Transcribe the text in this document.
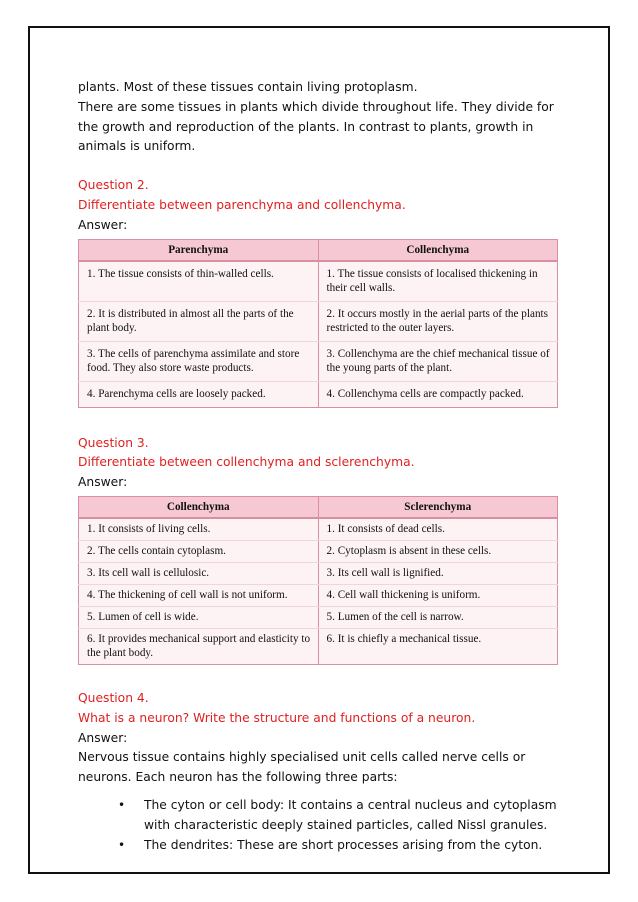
plants. Most of these tissues contain living protoplasm.

There are some tissues in plants which divide throughout life. They divide for

the growth and reproduction of the plants. In contrast to plants, growth in

animals is uniform.

Question 2.

Differentiate between parenchyma and collenchyma.

Answer:

Parenchyma	Collenchyma
1. The tissue consists of thin-walled cells.	1. The tissue consists of localised thickening in their cell walls.
2. It is distributed in almost all the parts of the plant body.	2. It occurs mostly in the aerial parts of the plants restricted to the outer layers.
3. The cells of parenchyma assimilate and store food. They also store waste products.	3. Collenchyma are the chief mechanical tissue of the young parts of the plant.
4. Parenchyma cells are loosely packed.	4. Collenchyma cells are compactly packed.

Question 3.

Differentiate between collenchyma and sclerenchyma.

Answer:

Collenchyma	Sclerenchyma
1. It consists of living cells.	1. It consists of dead cells.
2. The cells contain cytoplasm.	2. Cytoplasm is absent in these cells.
3. Its cell wall is cellulosic.	3. Its cell wall is lignified.
4. The thickening of cell wall is not uniform.	4. Cell wall thickening is uniform.
5. Lumen of cell is wide.	5. Lumen of the cell is narrow.
6. It provides mechanical support and elasticity to the plant body.	6. It is chiefly a mechanical tissue.

Question 4.

What is a neuron? Write the structure and functions of a neuron.

Answer:

Nervous tissue contains highly specialised unit cells called nerve cells or

neurons. Each neuron has the following three parts:

• The cyton or cell body: It contains a central nucleus and cytoplasm with characteristic deeply stained particles, called Nissl granules.
• The dendrites: These are short processes arising from the cyton.
